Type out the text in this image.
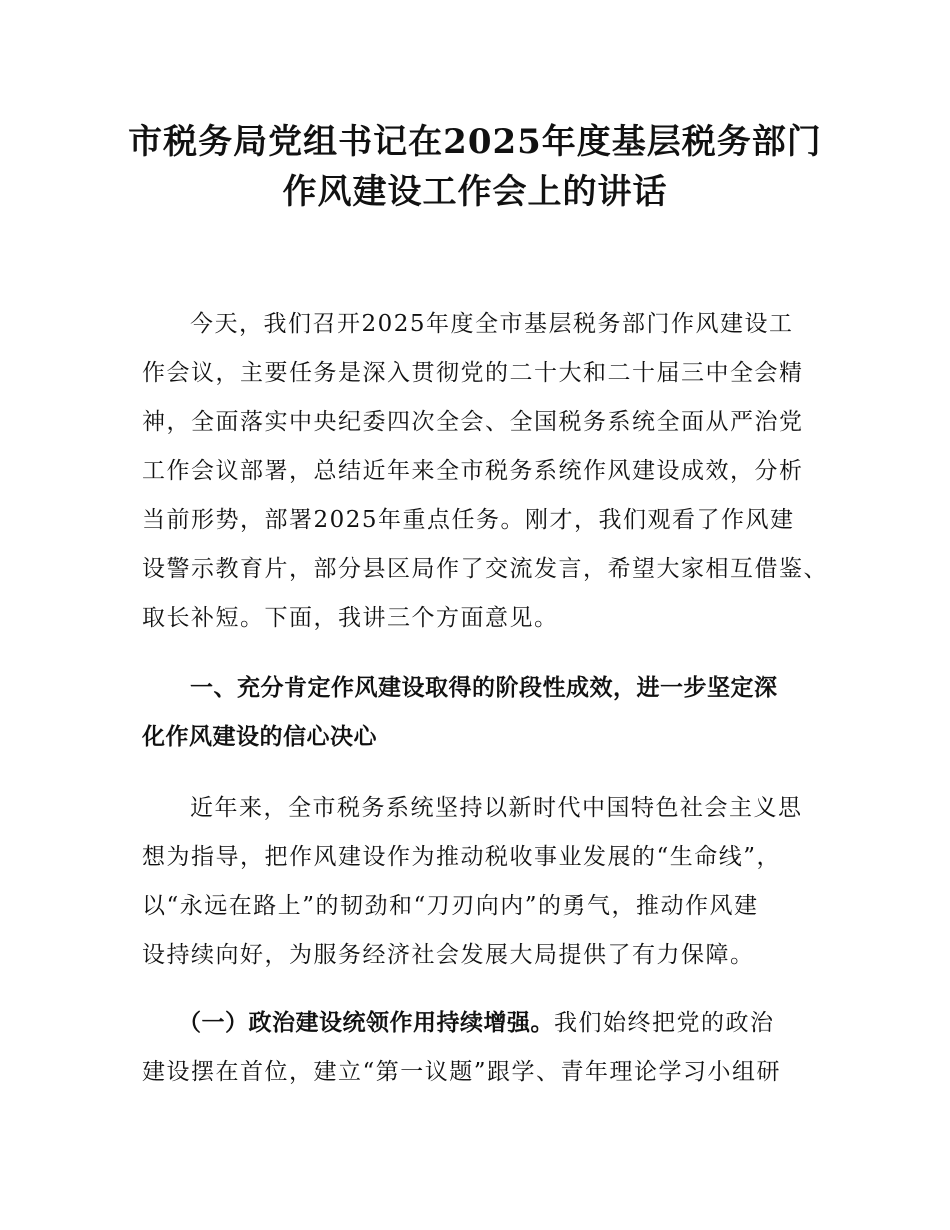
市税务局党组书记在2025年度基层税务部门
作风建设工作会上的讲话
今天，我们召开2025年度全市基层税务部门作风建设工
作会议，主要任务是深入贯彻党的二十大和二十届三中全会精
神，全面落实中央纪委四次全会、全国税务系统全面从严治党
工作会议部署，总结近年来全市税务系统作风建设成效，分析
当前形势，部署2025年重点任务。刚才，我们观看了作风建
设警示教育片，部分县区局作了交流发言，希望大家相互借鉴、
取长补短。下面，我讲三个方面意见。
一、充分肯定作风建设取得的阶段性成效，进一步坚定深
化作风建设的信心决心
近年来，全市税务系统坚持以新时代中国特色社会主义思
想为指导，把作风建设作为推动税收事业发展的“生命线”，
以“永远在路上”的韧劲和“刀刃向内”的勇气，推动作风建
设持续向好，为服务经济社会发展大局提供了有力保障。
（一）政治建设统领作用持续增强。我们始终把党的政治
建设摆在首位，建立“第一议题”跟学、青年理论学习小组研
